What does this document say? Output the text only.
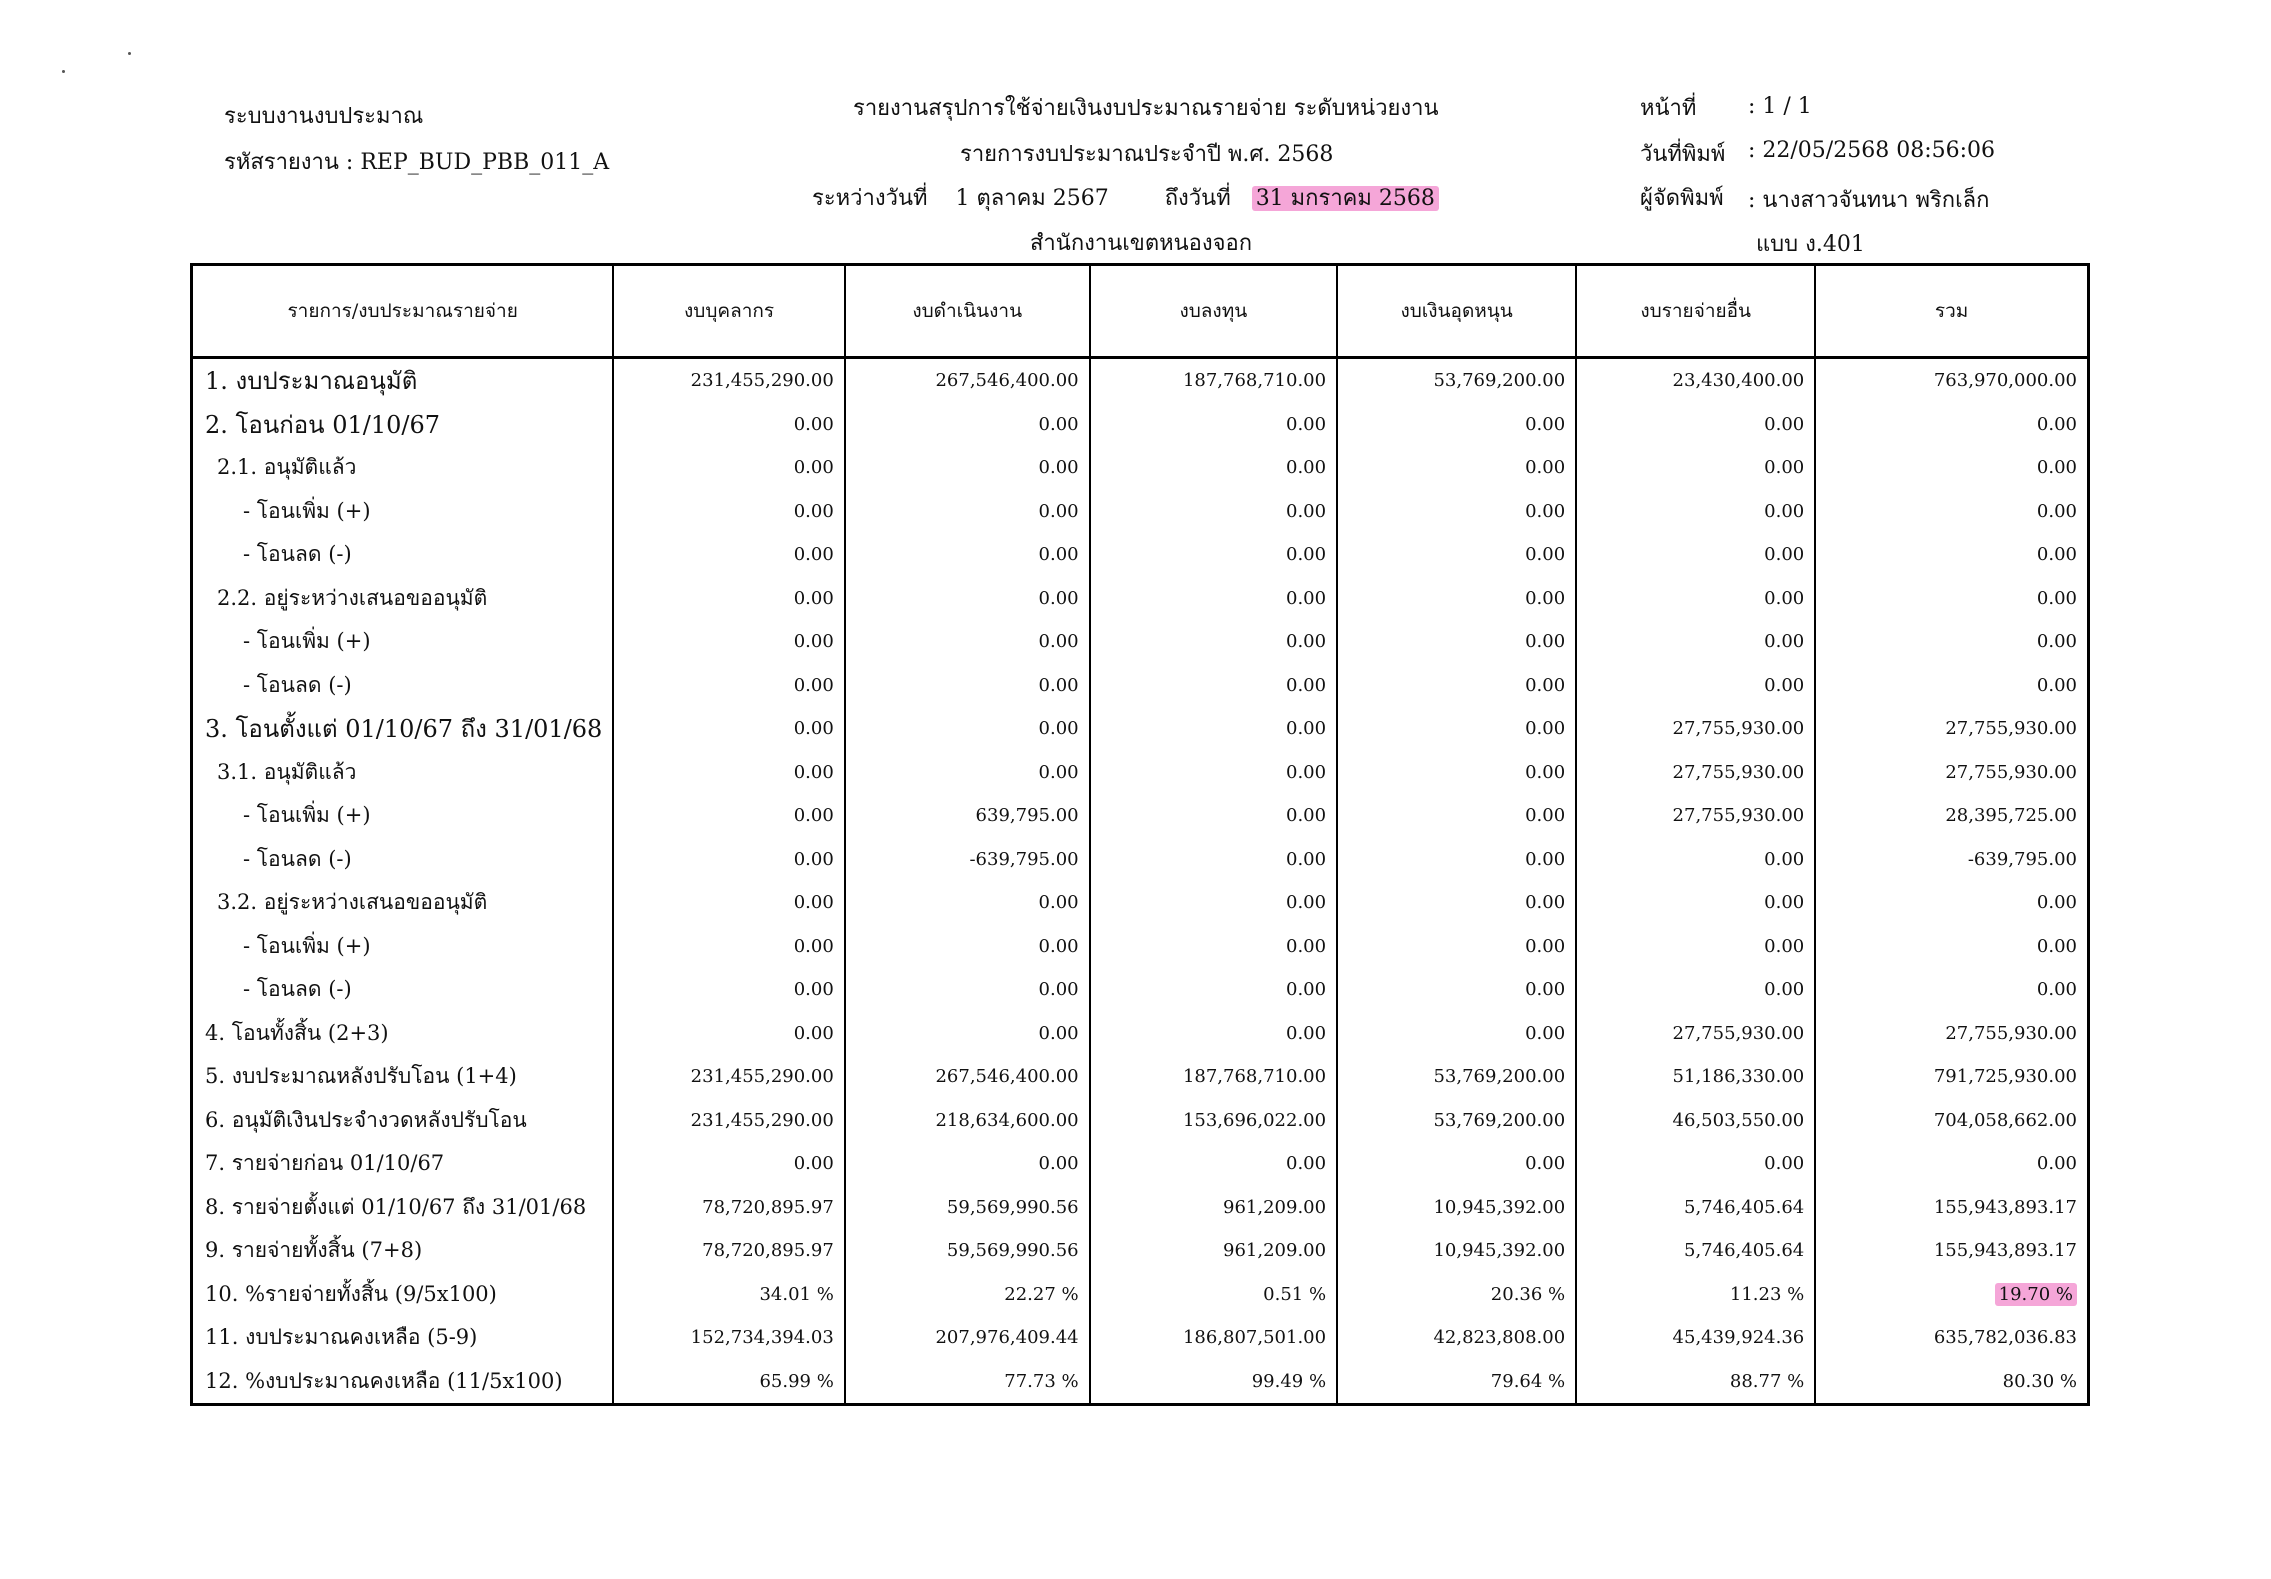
ระบบงานงบประมาณ
รหัสรายงาน : REP_BUD_PBB_011_A
รายงานสรุปการใช้จ่ายเงินงบประมาณรายจ่าย ระดับหน่วยงาน
รายการงบประมาณประจำปี พ.ศ. 2568
ระหว่างวันที่ 1 ตุลาคม 2567	ถึงวันที่ 31 มกราคม 2568
สำนักงานเขตหนองจอก
หน้าที่ : 1 / 1
วันที่พิมพ์ : 22/05/2568 08:56:06
ผู้จัดพิมพ์ : นางสาวจันทนา พริกเล็ก
แบบ ง.401
รายการ/งบประมาณรายจ่าย	งบบุคลากร	งบดำเนินงาน	งบลงทุน	งบเงินอุดหนุน	งบรายจ่ายอื่น	รวม
1. งบประมาณอนุมัติ	231,455,290.00	267,546,400.00	187,768,710.00	53,769,200.00	23,430,400.00	763,970,000.00
2. โอนก่อน 01/10/67	0.00	0.00	0.00	0.00	0.00	0.00
2.1. อนุมัติแล้ว	0.00	0.00	0.00	0.00	0.00	0.00
- โอนเพิ่ม (+)	0.00	0.00	0.00	0.00	0.00	0.00
- โอนลด (-)	0.00	0.00	0.00	0.00	0.00	0.00
2.2. อยู่ระหว่างเสนอขออนุมัติ	0.00	0.00	0.00	0.00	0.00	0.00
- โอนเพิ่ม (+)	0.00	0.00	0.00	0.00	0.00	0.00
- โอนลด (-)	0.00	0.00	0.00	0.00	0.00	0.00
3. โอนตั้งแต่ 01/10/67 ถึง 31/01/68	0.00	0.00	0.00	0.00	27,755,930.00	27,755,930.00
3.1. อนุมัติแล้ว	0.00	0.00	0.00	0.00	27,755,930.00	27,755,930.00
- โอนเพิ่ม (+)	0.00	639,795.00	0.00	0.00	27,755,930.00	28,395,725.00
- โอนลด (-)	0.00	-639,795.00	0.00	0.00	0.00	-639,795.00
3.2. อยู่ระหว่างเสนอขออนุมัติ	0.00	0.00	0.00	0.00	0.00	0.00
- โอนเพิ่ม (+)	0.00	0.00	0.00	0.00	0.00	0.00
- โอนลด (-)	0.00	0.00	0.00	0.00	0.00	0.00
4. โอนทั้งสิ้น (2+3)	0.00	0.00	0.00	0.00	27,755,930.00	27,755,930.00
5. งบประมาณหลังปรับโอน (1+4)	231,455,290.00	267,546,400.00	187,768,710.00	53,769,200.00	51,186,330.00	791,725,930.00
6. อนุมัติเงินประจำงวดหลังปรับโอน	231,455,290.00	218,634,600.00	153,696,022.00	53,769,200.00	46,503,550.00	704,058,662.00
7. รายจ่ายก่อน 01/10/67	0.00	0.00	0.00	0.00	0.00	0.00
8. รายจ่ายตั้งแต่ 01/10/67 ถึง 31/01/68	78,720,895.97	59,569,990.56	961,209.00	10,945,392.00	5,746,405.64	155,943,893.17
9. รายจ่ายทั้งสิ้น (7+8)	78,720,895.97	59,569,990.56	961,209.00	10,945,392.00	5,746,405.64	155,943,893.17
10. %รายจ่ายทั้งสิ้น (9/5x100)	34.01 %	22.27 %	0.51 %	20.36 %	11.23 %	19.70 %
11. งบประมาณคงเหลือ (5-9)	152,734,394.03	207,976,409.44	186,807,501.00	42,823,808.00	45,439,924.36	635,782,036.83
12. %งบประมาณคงเหลือ (11/5x100)	65.99 %	77.73 %	99.49 %	79.64 %	88.77 %	80.30 %
